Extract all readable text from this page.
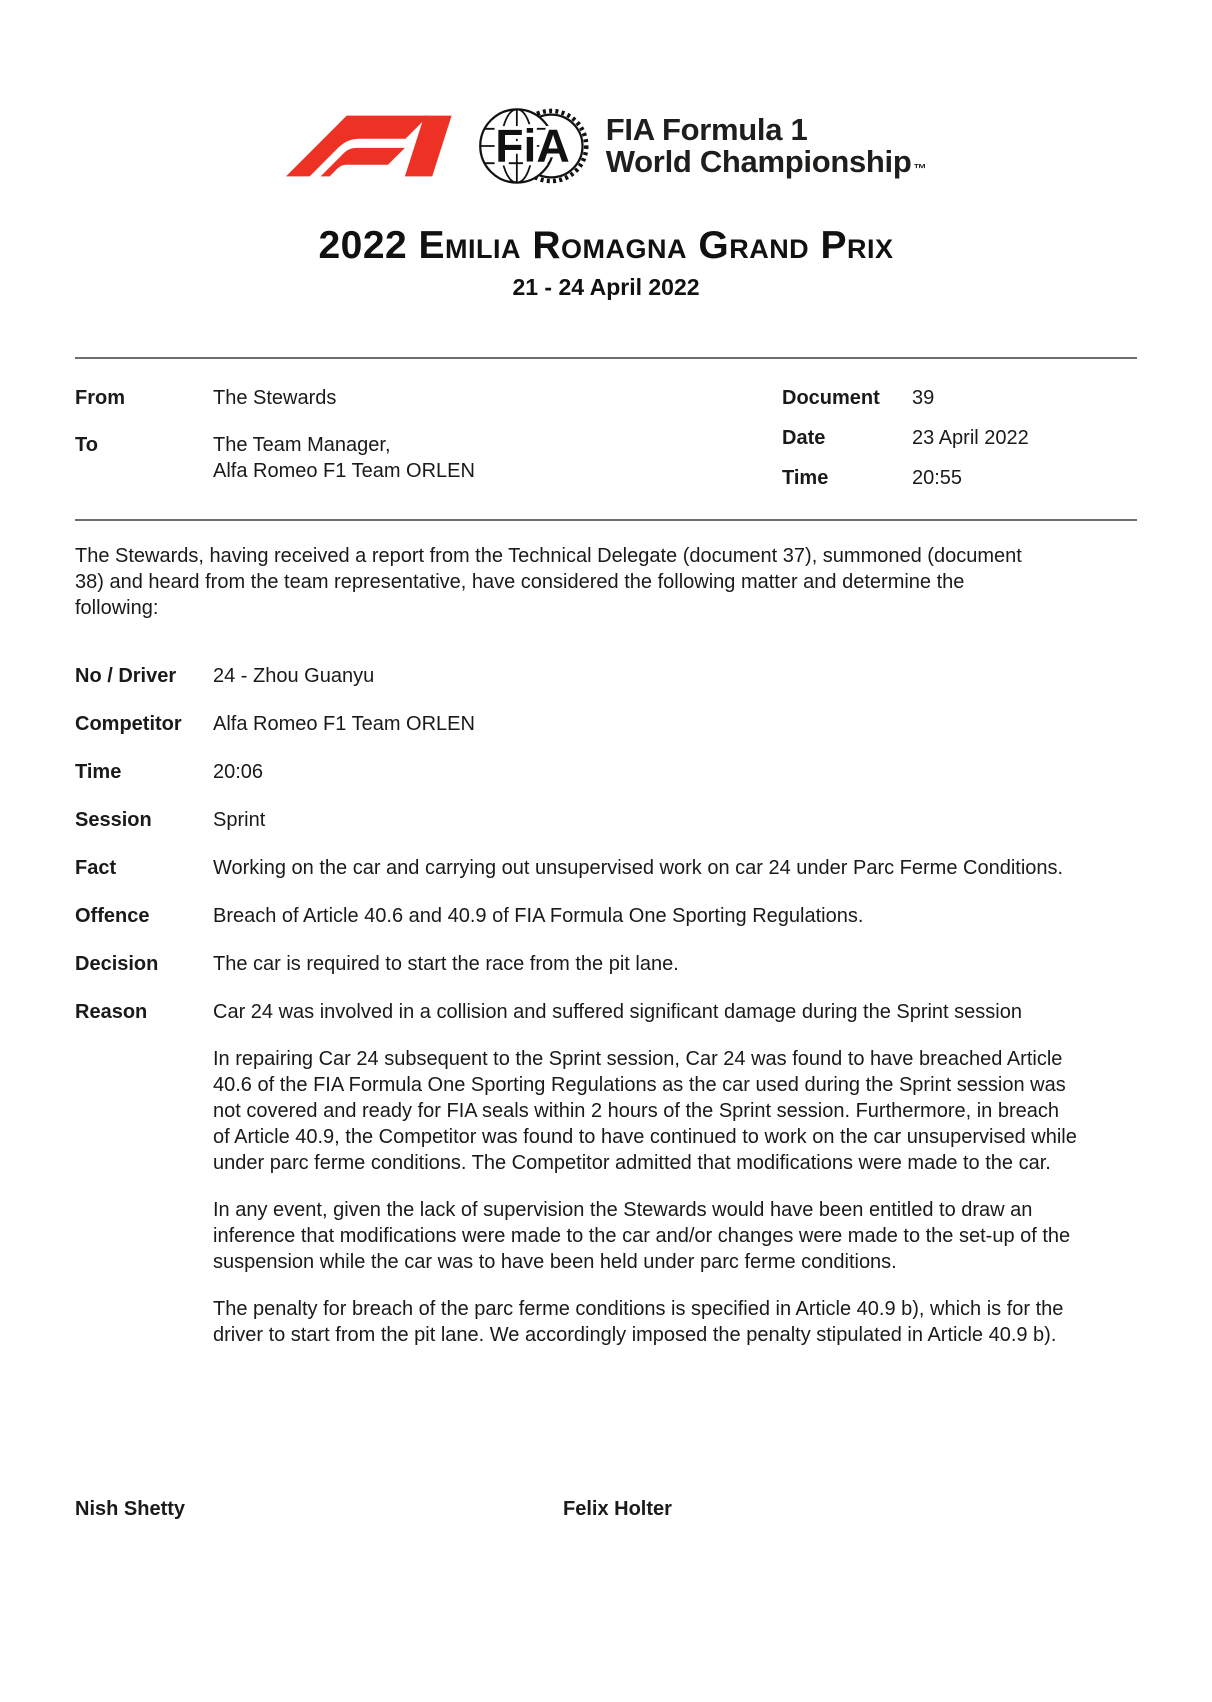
FiA FIA Formula 1
World Championship ™
2022 Emilia Romagna Grand Prix
21 - 24 April 2022
From	The Stewards
To	The Team Manager,
Alfa Romeo F1 Team ORLEN
Document	39
Date	23 April 2022
Time	20:55

The Stewards, having received a report from the Technical Delegate (document 37), summoned (document 38) and heard from the team representative, have considered the following matter and determine the following:

No / Driver	24 - Zhou Guanyu
Competitor	Alfa Romeo F1 Team ORLEN
Time	20:06
Session	Sprint
Fact	Working on the car and carrying out unsupervised work on car 24 under Parc Ferme Conditions.
Offence	Breach of Article 40.6 and 40.9 of FIA Formula One Sporting Regulations.
Decision	The car is required to start the race from the pit lane.
Reason	Car 24 was involved in a collision and suffered significant damage during the Sprint session

In repairing Car 24 subsequent to the Sprint session, Car 24 was found to have breached Article 40.6 of the FIA Formula One Sporting Regulations as the car used during the Sprint session was not covered and ready for FIA seals within 2 hours of the Sprint session. Furthermore, in breach of Article 40.9, the Competitor was found to have continued to work on the car unsupervised while under parc ferme conditions. The Competitor admitted that modifications were made to the car.

In any event, given the lack of supervision the Stewards would have been entitled to draw an inference that modifications were made to the car and/or changes were made to the set-up of the suspension while the car was to have been held under parc ferme conditions.

The penalty for breach of the parc ferme conditions is specified in Article 40.9 b), which is for the driver to start from the pit lane. We accordingly imposed the penalty stipulated in Article 40.9 b).

Nish Shetty	Felix Holter
